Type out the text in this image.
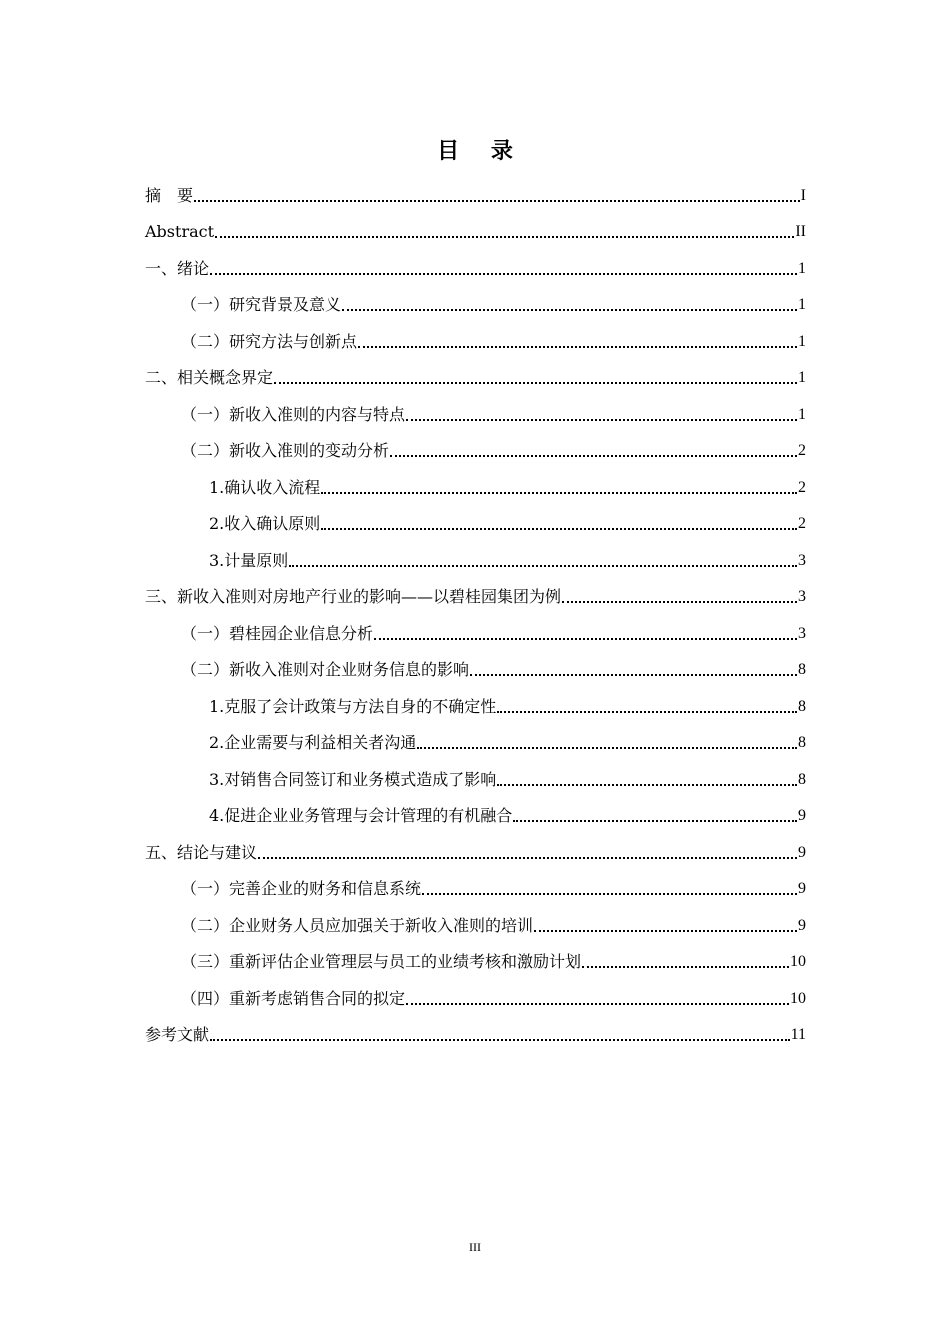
目 录
摘　要	I
Abstract	II
一、绪论	1
（一）研究背景及意义	1
（二）研究方法与创新点	1
二、相关概念界定	1
（一）新收入准则的内容与特点	1
（二）新收入准则的变动分析	2
1.确认收入流程	2
2.收入确认原则	2
3.计量原则	3
三、新收入准则对房地产行业的影响——以碧桂园集团为例	3
（一）碧桂园企业信息分析	3
（二）新收入准则对企业财务信息的影响	8
1.克服了会计政策与方法自身的不确定性	8
2.企业需要与利益相关者沟通	8
3.对销售合同签订和业务模式造成了影响	8
4.促进企业业务管理与会计管理的有机融合	9
五、结论与建议	9
（一）完善企业的财务和信息系统	9
（二）企业财务人员应加强关于新收入准则的培训	9
（三）重新评估企业管理层与员工的业绩考核和激励计划	10
（四）重新考虑销售合同的拟定	10
参考文献	11
III
